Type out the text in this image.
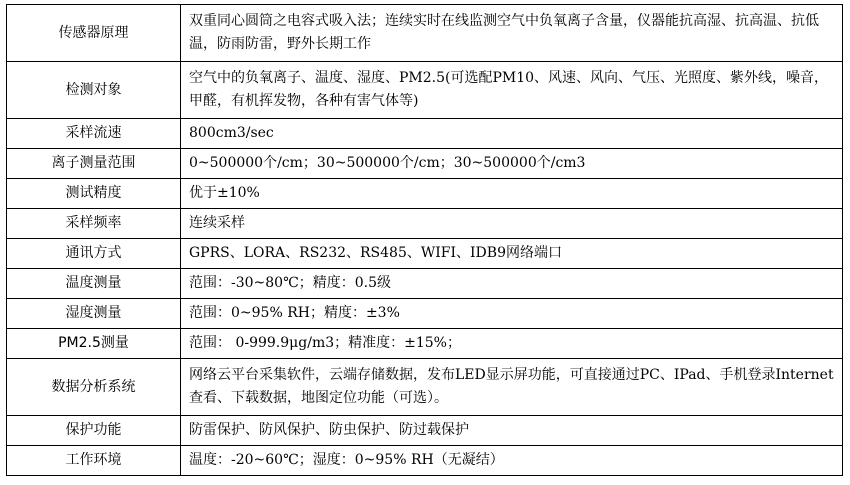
传感器原理	双重同心圆筒之电容式吸入法；连续实时在线监测空气中负氧离子含量，仪器能抗高湿、抗高温、抗低温，防雨防雷，野外长期工作
检测对象	空气中的负氧离子、温度、湿度、PM2.5(可选配PM10、风速、风向、气压、光照度、紫外线，噪音，甲醛，有机挥发物，各种有害气体等)
采样流速	800cm3/sec
离子测量范围	0~500000个/cm；30~500000个/cm；30~500000个/cm3
测试精度	优于±10%
采样频率	连续采样
通讯方式	GPRS、LORA、RS232、RS485、WIFI、IDB9网络端口
温度测量	范围：-30~80℃；精度：0.5级
湿度测量	范围：0~95% RH；精度：±3%
PM2.5测量	范围： 0-999.9μg/m3；精准度：±15%；
数据分析系统	网络云平台采集软件，云端存储数据，发布LED显示屏功能，可直接通过PC、IPad、手机登录Internet查看、下载数据，地图定位功能（可选）。
保护功能	防雷保护、防风保护、防虫保护、防过载保护
工作环境	温度：-20~60℃；湿度：0~95% RH（无凝结）
